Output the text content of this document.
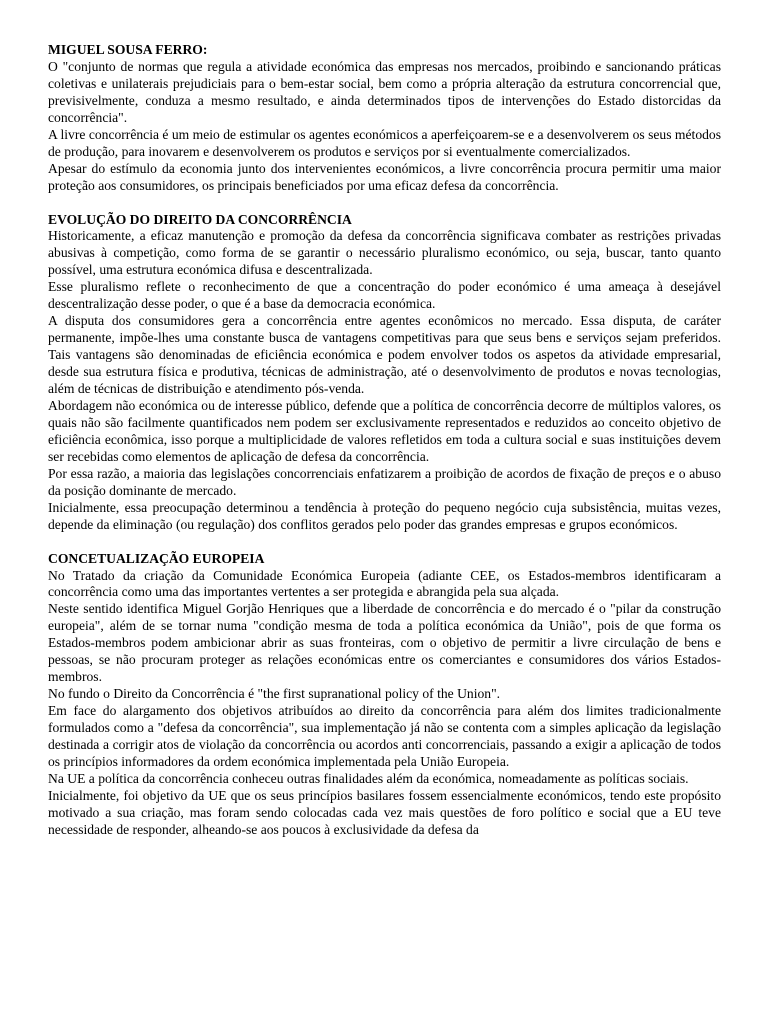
MIGUEL SOUSA FERRO:

O "conjunto de normas que regula a atividade económica das empresas nos mercados, proibindo e sancionando práticas coletivas e unilaterais prejudiciais para o bem-estar social, bem como a própria alteração da estrutura concorrencial que, previsivelmente, conduza a mesmo resultado, e ainda determinados tipos de intervenções do Estado distorcidas da concorrência".

A livre concorrência é um meio de estimular os agentes económicos a aperfeiçoarem-se e a desenvolverem os seus métodos de produção, para inovarem e desenvolverem os produtos e serviços por si eventualmente comercializados.

Apesar do estímulo da economia junto dos intervenientes económicos, a livre concorrência procura permitir uma maior proteção aos consumidores, os principais beneficiados por uma eficaz defesa da concorrência.

EVOLUÇÃO DO DIREITO DA CONCORRÊNCIA

Historicamente, a eficaz manutenção e promoção da defesa da concorrência significava combater as restrições privadas abusivas à competição, como forma de se garantir o necessário pluralismo económico, ou seja, buscar, tanto quanto possível, uma estrutura económica difusa e descentralizada.

Esse pluralismo reflete o reconhecimento de que a concentração do poder económico é uma ameaça à desejável descentralização desse poder, o que é a base da democracia económica.

A disputa dos consumidores gera a concorrência entre agentes econômicos no mercado. Essa disputa, de caráter permanente, impõe-lhes uma constante busca de vantagens competitivas para que seus bens e serviços sejam preferidos. Tais vantagens são denominadas de eficiência económica e podem envolver todos os aspetos da atividade empresarial, desde sua estrutura física e produtiva, técnicas de administração, até o desenvolvimento de produtos e novas tecnologias, além de técnicas de distribuição e atendimento pós-venda.

Abordagem não económica ou de interesse público, defende que a política de concorrência decorre de múltiplos valores, os quais não são facilmente quantificados nem podem ser exclusivamente representados e reduzidos ao conceito objetivo de eficiência econômica, isso porque a multiplicidade de valores refletidos em toda a cultura social e suas instituições devem ser recebidas como elementos de aplicação de defesa da concorrência.

Por essa razão, a maioria das legislações concorrenciais enfatizarem a proibição de acordos de fixação de preços e o abuso da posição dominante de mercado.

Inicialmente, essa preocupação determinou a tendência à proteção do pequeno negócio cuja subsistência, muitas vezes, depende da eliminação (ou regulação) dos conflitos gerados pelo poder das grandes empresas e grupos económicos.

CONCETUALIZAÇÃO EUROPEIA

No Tratado da criação da Comunidade Económica Europeia (adiante CEE, os Estados-membros identificaram a concorrência como uma das importantes vertentes a ser protegida e abrangida pela sua alçada.

Neste sentido identifica Miguel Gorjão Henriques que a liberdade de concorrência e do mercado é o "pilar da construção europeia", além de se tornar numa "condição mesma de toda a política económica da União", pois de que forma os Estados-membros podem ambicionar abrir as suas fronteiras, com o objetivo de permitir a livre circulação de bens e pessoas, se não procuram proteger as relações económicas entre os comerciantes e consumidores dos vários Estados-membros.

No fundo o Direito da Concorrência é "the first supranational policy of the Union".

Em face do alargamento dos objetivos atribuídos ao direito da concorrência para além dos limites tradicionalmente formulados como a "defesa da concorrência", sua implementação já não se contenta com a simples aplicação da legislação destinada a corrigir atos de violação da concorrência ou acordos anti concorrenciais, passando a exigir a aplicação de todos os princípios informadores da ordem económica implementada pela União Europeia.

Na UE a política da concorrência conheceu outras finalidades além da económica, nomeadamente as políticas sociais.

Inicialmente, foi objetivo da UE que os seus princípios basilares fossem essencialmente económicos, tendo este propósito motivado a sua criação, mas foram sendo colocadas cada vez mais questões de foro político e social que a EU teve necessidade de responder, alheando-se aos poucos à exclusividade da defesa da
